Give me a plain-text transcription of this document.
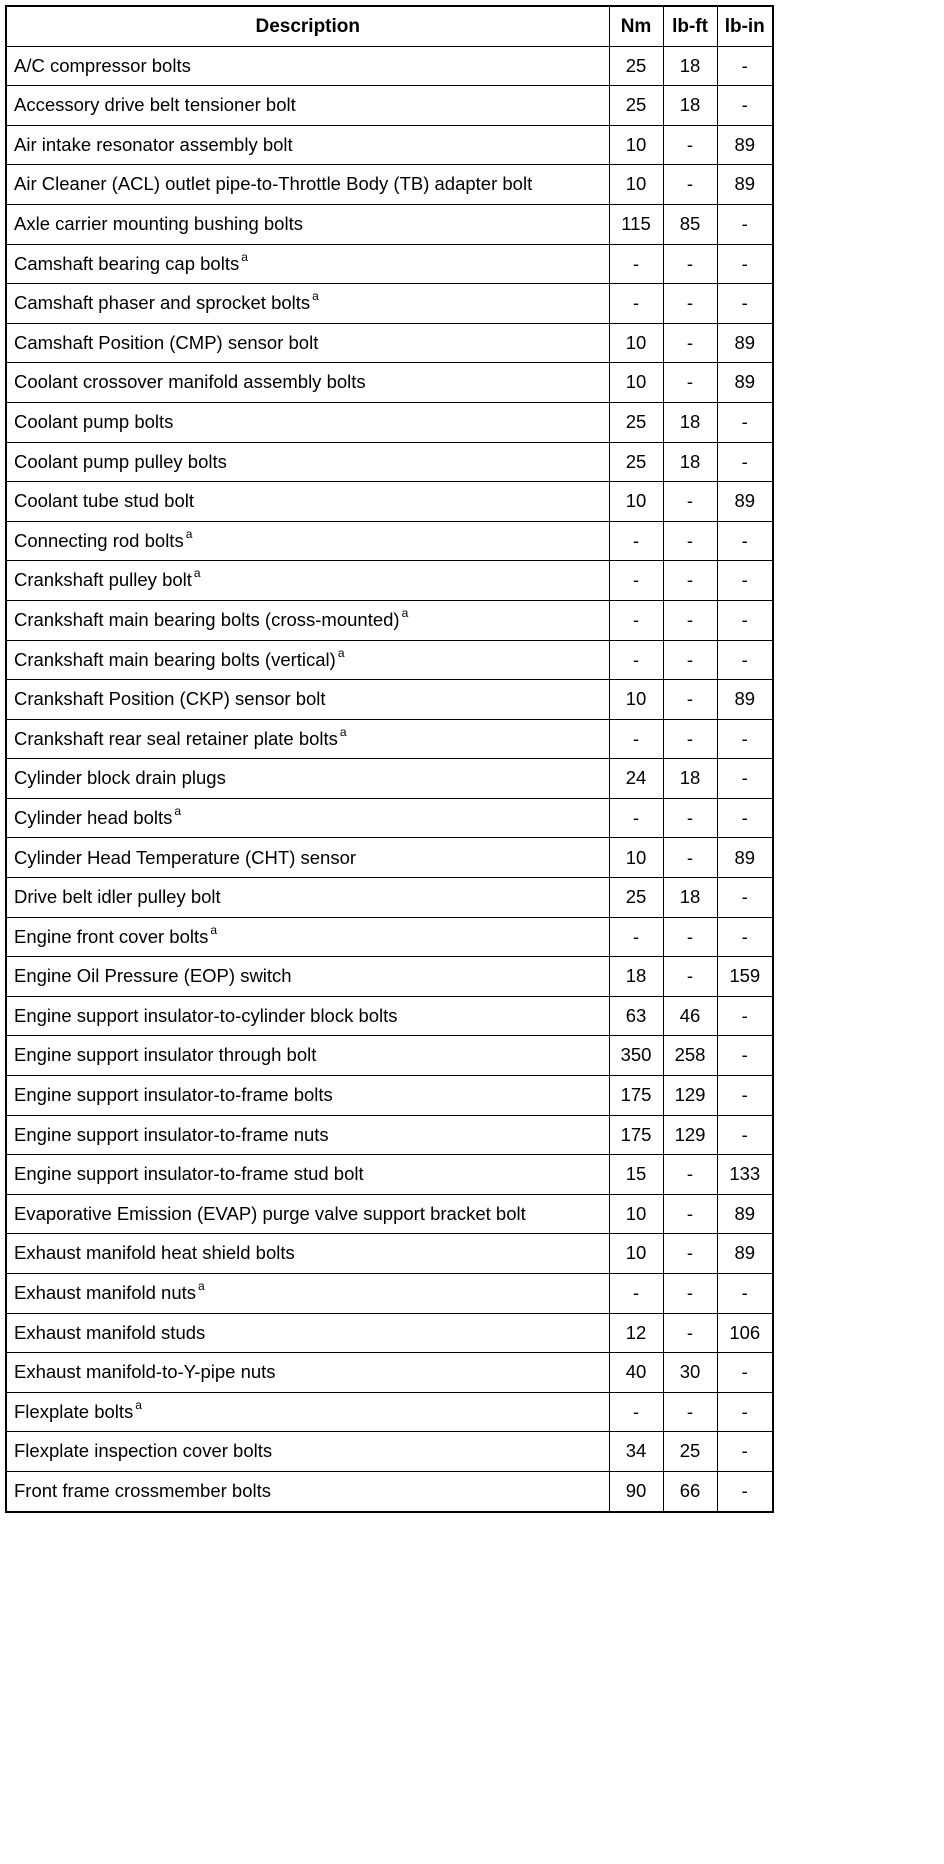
Description	Nm	lb-ft	lb-in
A/C compressor bolts	25	18	-
Accessory drive belt tensioner bolt	25	18	-
Air intake resonator assembly bolt	10	-	89
Air Cleaner (ACL) outlet pipe-to-Throttle Body (TB) adapter bolt	10	-	89
Axle carrier mounting bushing bolts	115	85	-
Camshaft bearing cap bolts $^a$	-	-	-
Camshaft phaser and sprocket bolts $^a$	-	-	-
Camshaft Position (CMP) sensor bolt	10	-	89
Coolant crossover manifold assembly bolts	10	-	89
Coolant pump bolts	25	18	-
Coolant pump pulley bolts	25	18	-
Coolant tube stud bolt	10	-	89
Connecting rod bolts $^a$	-	-	-
Crankshaft pulley bolt $^a$	-	-	-
Crankshaft main bearing bolts (cross-mounted) $^a$	-	-	-
Crankshaft main bearing bolts (vertical) $^a$	-	-	-
Crankshaft Position (CKP) sensor bolt	10	-	89
Crankshaft rear seal retainer plate bolts $^a$	-	-	-
Cylinder block drain plugs	24	18	-
Cylinder head bolts $^a$	-	-	-
Cylinder Head Temperature (CHT) sensor	10	-	89
Drive belt idler pulley bolt	25	18	-
Engine front cover bolts $^a$	-	-	-
Engine Oil Pressure (EOP) switch	18	-	159
Engine support insulator-to-cylinder block bolts	63	46	-
Engine support insulator through bolt	350	258	-
Engine support insulator-to-frame bolts	175	129	-
Engine support insulator-to-frame nuts	175	129	-
Engine support insulator-to-frame stud bolt	15	-	133
Evaporative Emission (EVAP) purge valve support bracket bolt	10	-	89
Exhaust manifold heat shield bolts	10	-	89
Exhaust manifold nuts $^a$	-	-	-
Exhaust manifold studs	12	-	106
Exhaust manifold-to-Y-pipe nuts	40	30	-
Flexplate bolts $^a$	-	-	-
Flexplate inspection cover bolts	34	25	-
Front frame crossmember bolts	90	66	-
